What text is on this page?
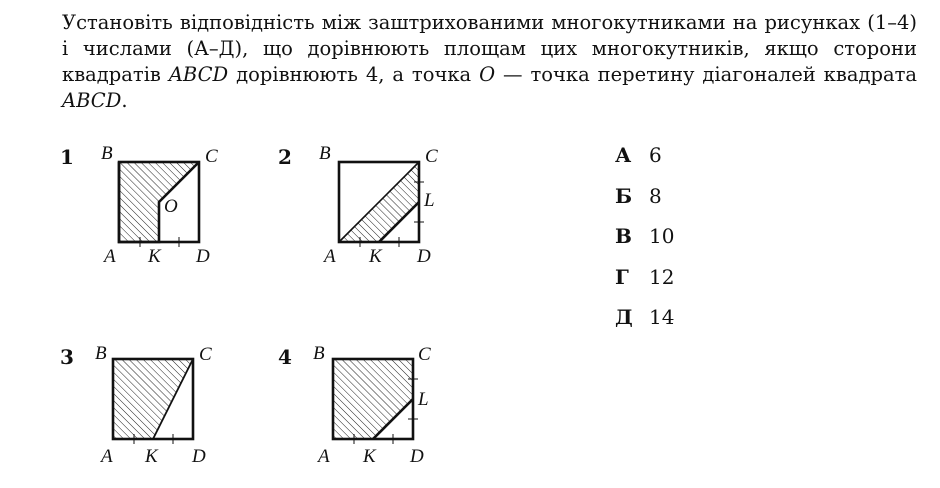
Установіть відповідність між заштрихованими многокутниками на рисунках (1–4) і числами (А–Д), що дорівнюють площам цих многокутників, якщо сторони квадратів ABCD дорівнюють 4, а точка O — точка перетину діагоналей квадрата ABCD.

1 B	C
O
A K D
2 B	C
L
A K D
3 B	C
A K D
4 B	C
L
A K D
А 6
Б 8
В 10
Г	12
Д 14
